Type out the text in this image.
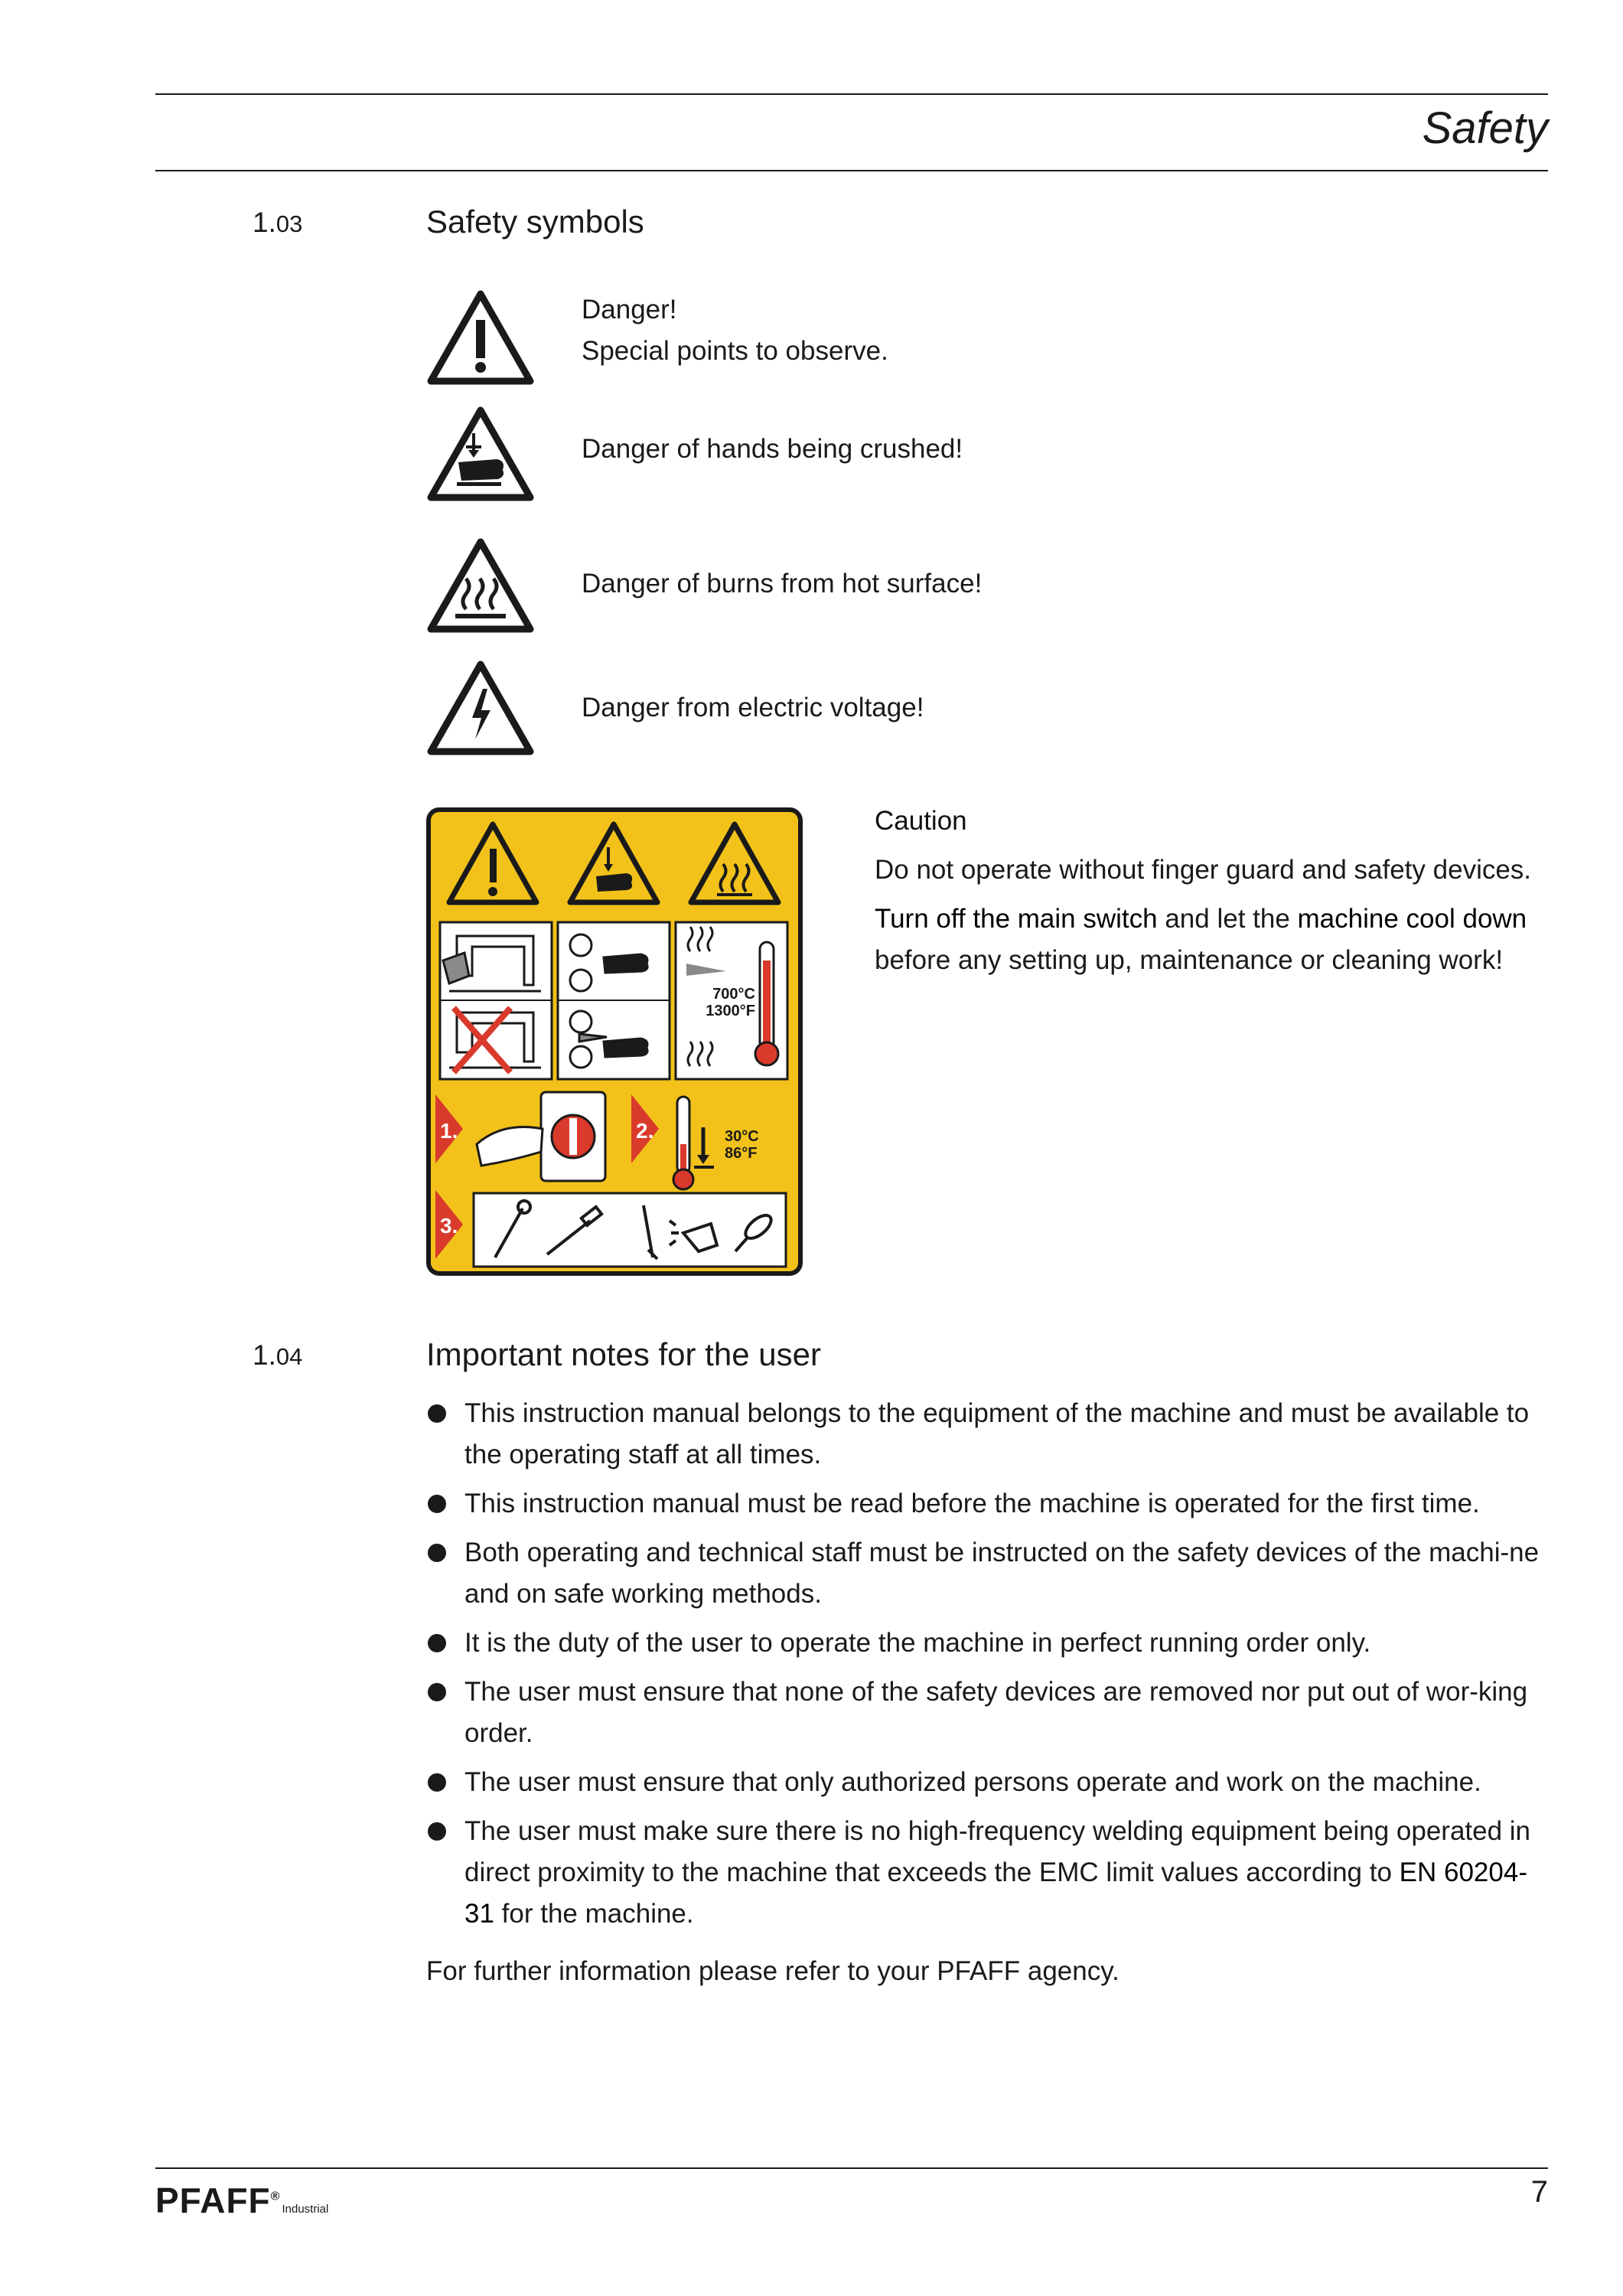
Safety
1.03	Safety symbols
Danger!
Special points to observe.
Danger of hands being crushed!
Danger of burns from hot surface!
Danger from electric voltage!
700°C
1300°F
1.	2.	30°C
86°F
3.

Caution

Do not operate without finger guard and safety devices.

Turn off the main switch and let the machine cool down before any setting up, maintenance or cleaning work!

1.04	Important notes for the user
This instruction manual belongs to the equipment of the machine and must be available to the operating staff at all times.
This instruction manual must be read before the machine is operated for the first time.
Both operating and technical staff must be instructed on the safety devices of the machi-ne and on safe working methods.
It is the duty of the user to operate the machine in perfect running order only.
The user must ensure that none of the safety devices are removed nor put out of wor-king order.
The user must ensure that only authorized persons operate and work on the machine.
The user must make sure there is no high-frequency welding equipment being operated in direct proximity to the machine that exceeds the EMC limit values according to EN 60204-31 for the machine.
For further information please refer to your PFAFF agency.
PFAFF®Industrial
7
